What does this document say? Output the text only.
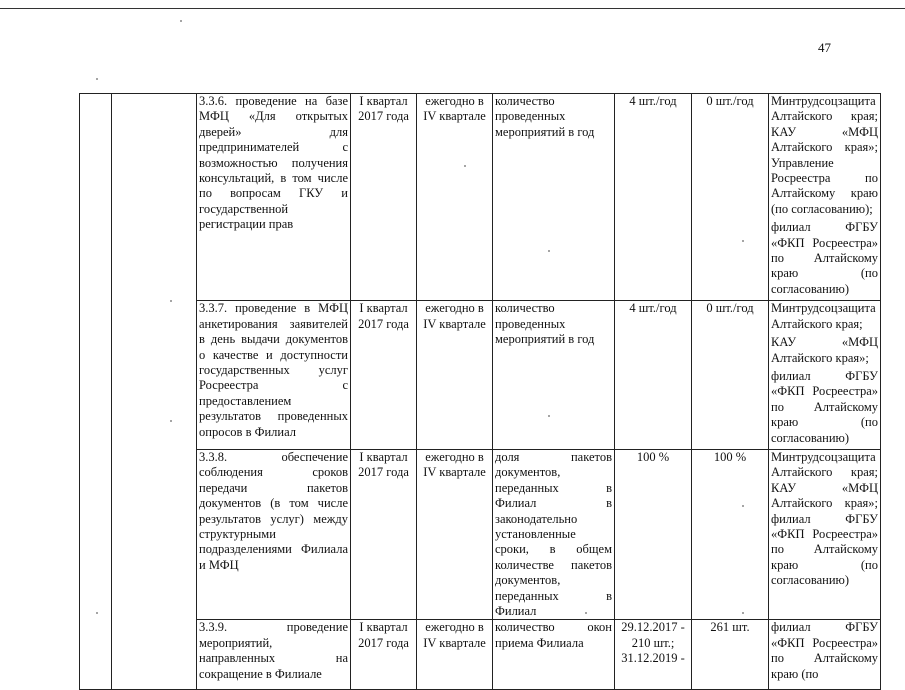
47
		3.3.6. проведение на базе МФЦ «Для открытых дверей» для предпринимателей с возможностью получения консультаций, в том числе по вопросам ГКУ и государственной регистрации прав	I квартал 2017 года	ежегодно в IV квартале	количество проведенных мероприятий в год	4 шт./год	0 шт./год	Минтрудсоцзащита Алтайского края; КАУ «МФЦ Алтайского края»; Управление Росреестра по Алтайскому краю (по согласованию);

филиал ФГБУ «ФКП Росреестра» по Алтайскому краю (по согласованию)

		3.3.7. проведение в МФЦ анкетирования заявителей в день выдачи документов о качестве и доступности государственных услуг Росреестра с предоставлением результатов проведенных опросов в Филиал	I квартал 2017 года	ежегодно в IV квартале	количество проведенных мероприятий в год	4 шт./год	0 шт./год	Минтрудсоцзащита Алтайского края;

КАУ «МФЦ Алтайского края»;

филиал ФГБУ «ФКП Росреестра» по Алтайскому краю (по согласованию)

		3.3.8. обеспечение соблюдения сроков передачи пакетов документов (в том числе результатов услуг) между структурными подразделениями Филиала и МФЦ	I квартал 2017 года	ежегодно в IV квартале	доля пакетов документов, переданных в Филиал в законодательно установленные сроки, в общем количестве пакетов документов, переданных в Филиал	100 %	100 %	Минтрудсоцзащита Алтайского края; КАУ «МФЦ Алтайского края»; филиал ФГБУ «ФКП Росреестра» по Алтайскому краю (по согласованию)

		3.3.9. проведение мероприятий, направленных на сокращение в Филиале	I квартал 2017 года	ежегодно в IV квартале	количество окон приема Филиала	29.12.2017 - 210 шт.; 31.12.2019 -	261 шт.	филиал ФГБУ «ФКП Росреестра» по Алтайскому краю (по
